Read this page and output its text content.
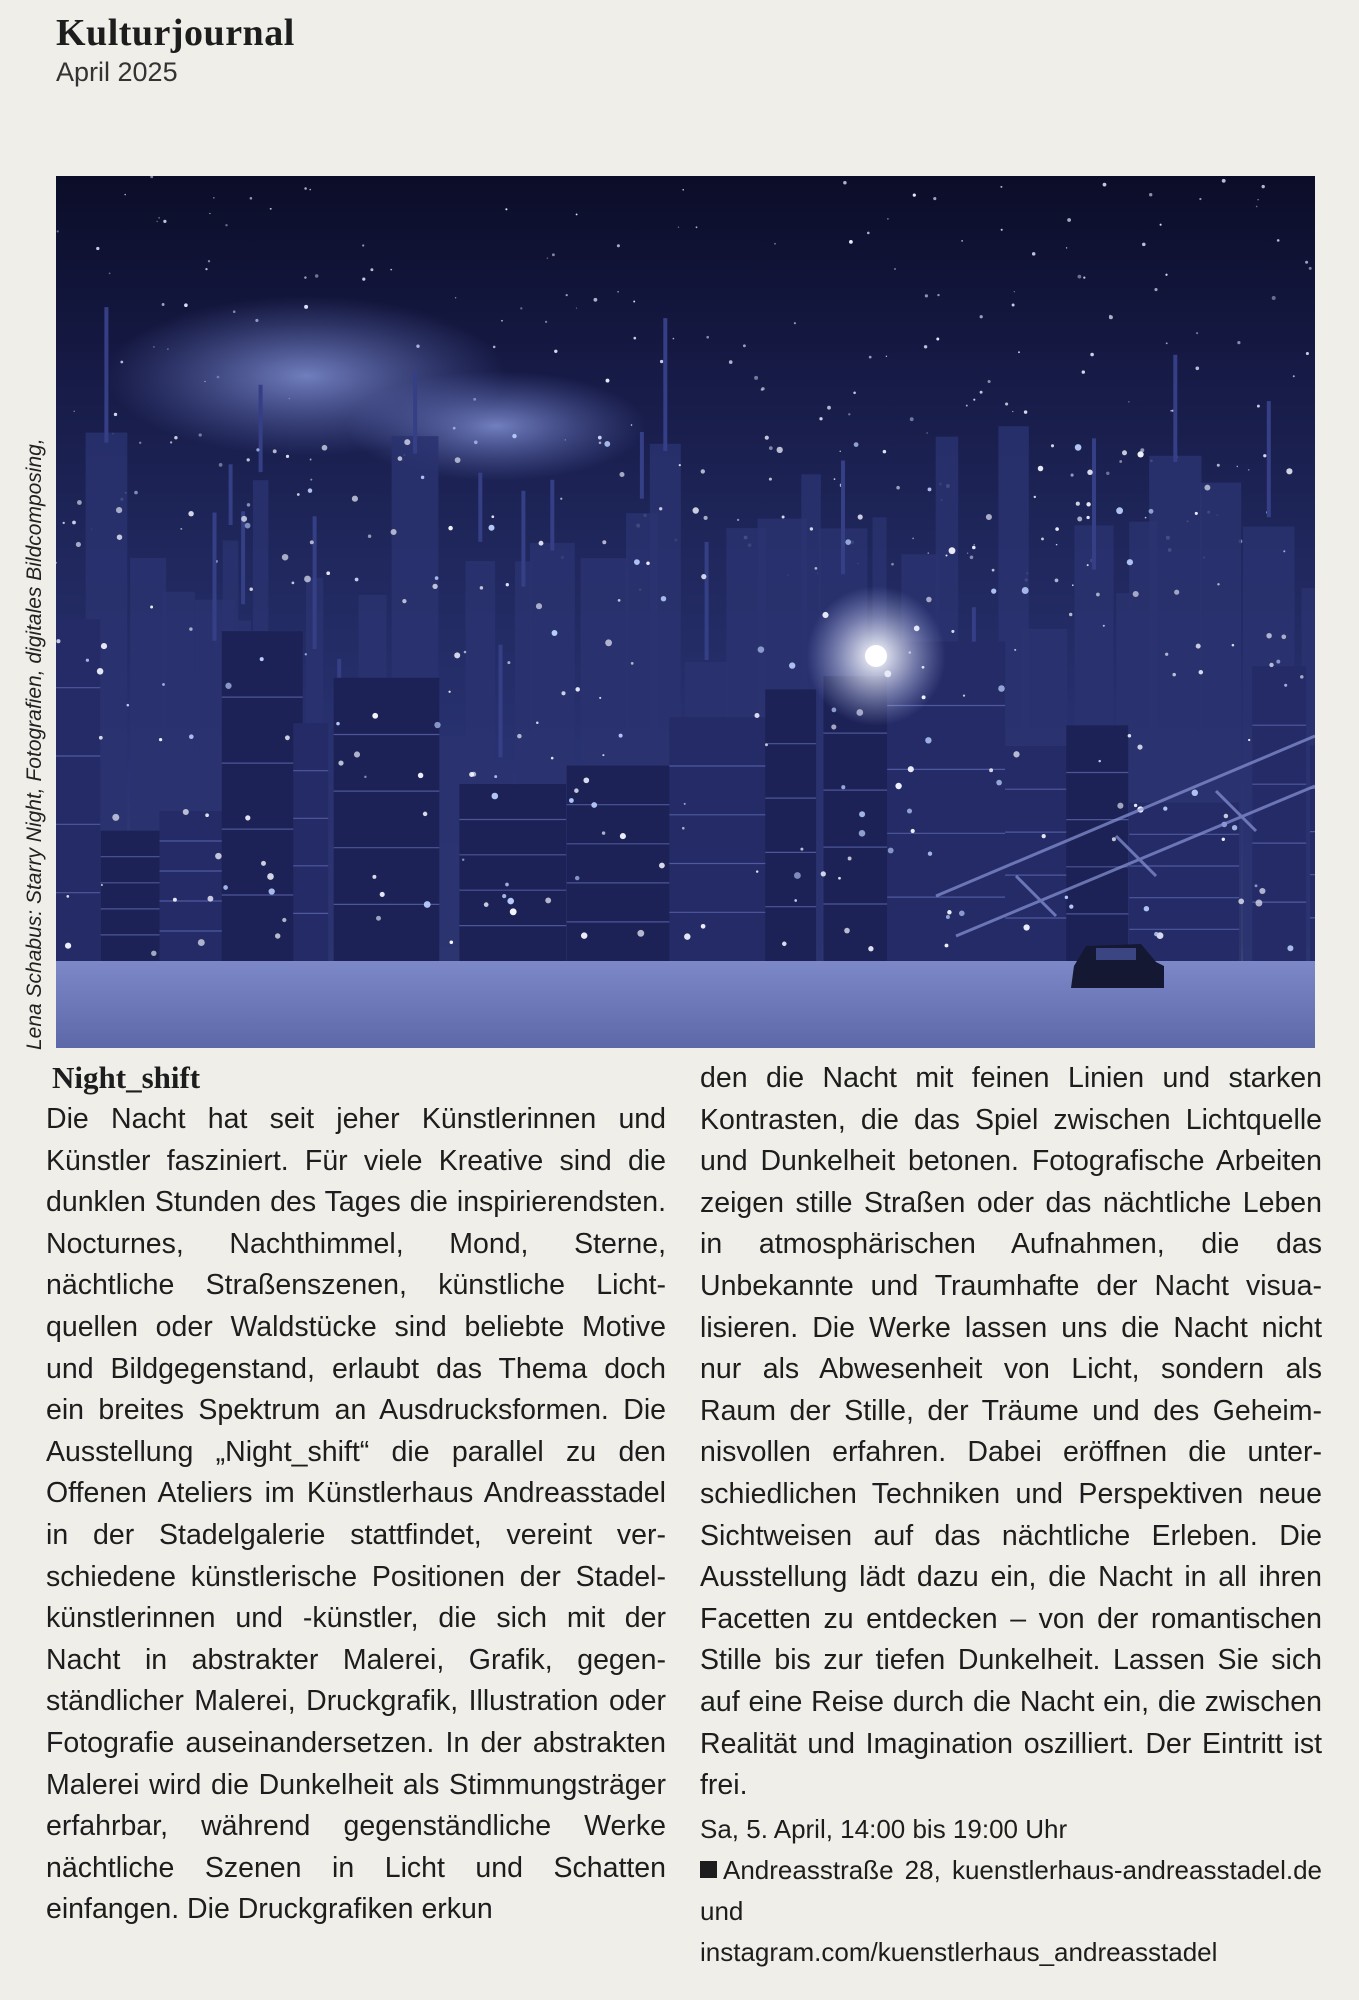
Kulturjournal
April 2025
Lena Schabus: Starry Night, Fotografien, digitales Bildcomposing,
Night_shift

Die Nacht hat seit jeher Künstlerinnen und Künstler fasziniert. Für viele Kreative sind die dunklen Stunden des Tages die inspirierendsten. Nocturnes, Nachthimmel, Mond, Sterne, nächtliche Straßenszenen, künstliche Lichtquellen oder Waldstücke sind beliebte Motive und Bildgegenstand, erlaubt das Thema doch ein breites Spektrum an Ausdrucksformen. Die Ausstellung „Night_shift“ die parallel zu den Offenen Ateliers im Künstlerhaus Andreasstadel in der Stadelgalerie stattfindet, vereint verschiedene künstlerische Positionen der Stadelkünstlerinnen und -künstler, die sich mit der Nacht in abstrakter Malerei, Grafik, gegenständlicher Malerei, Druckgrafik, Illustration oder Fotografie auseinandersetzen. In der abstrakten Malerei wird die Dunkelheit als Stimmungsträger erfahrbar, während gegenständliche Werke nächtliche Szenen in Licht und Schatten einfangen. Die Druckgrafiken erkun

den die Nacht mit feinen Linien und starken Kontrasten, die das Spiel zwischen Lichtquelle und Dunkelheit betonen. Fotografische Arbeiten zeigen stille Straßen oder das nächtliche Leben in atmosphärischen Aufnahmen, die das Unbekannte und Traumhafte der Nacht visualisieren. Die Werke lassen uns die Nacht nicht nur als Abwesenheit von Licht, sondern als Raum der Stille, der Träume und des Geheimnisvollen erfahren. Dabei eröffnen die unterschiedlichen Techniken und Perspektiven neue Sichtweisen auf das nächtliche Erleben. Die Ausstellung lädt dazu ein, die Nacht in all ihren Facetten zu entdecken – von der romantischen Stille bis zur tiefen Dunkelheit. Lassen Sie sich auf eine Reise durch die Nacht ein, die zwischen Realität und Imagination oszilliert. Der Eintritt ist frei.

Sa, 5. April, 14:00 bis 19:00 Uhr

Andreasstraße 28, kuenstlerhaus-andreasstadel.de und

instagram.com/kuenstlerhaus_andreasstadel
